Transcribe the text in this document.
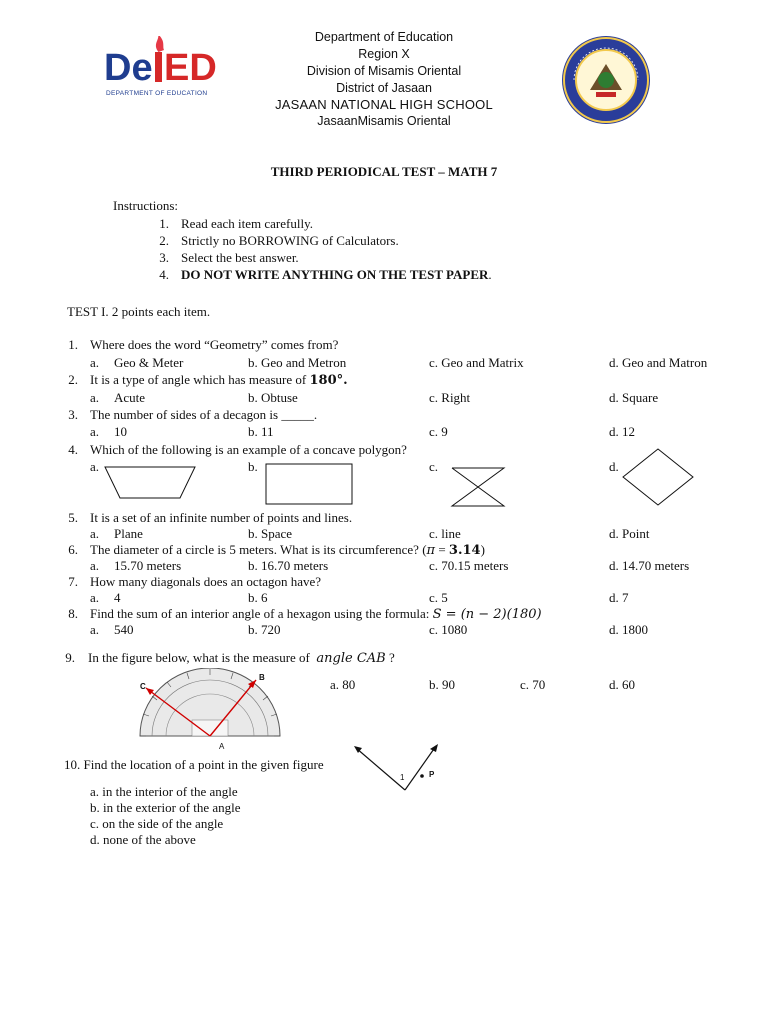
De ED
DEPARTMENT OF EDUCATION
Department of Education
Region X
Division of Misamis Oriental
District of Jasaan
JASAAN NATIONAL HIGH SCHOOL
JasaanMisamis Oriental
THIRD PERIODICAL TEST – MATH 7
Instructions:
1. Read each item carefully.
2. Strictly no BORROWING of Calculators.
3. Select the best answer.
4. DO NOT WRITE ANYTHING ON THE TEST PAPER.
TEST I. 2 points each item.
1. Where does the word “Geometry” comes from?
a. Geo & Meter	b. Geo and Metron	c. Geo and Matrix	d. Geo and Matron
2. It is a type of angle which has measure of 180°.
a. Acute	b. Obtuse	c. Right	d. Square
3. The number of sides of a decagon is _____.
a. 10	b. 11	c. 9	d. 12
4. Which of the following is an example of a concave polygon?
a.	b.	c.	d.
5. It is a set of an infinite number of points and lines.
a. Plane	b. Space	c. line	d. Point
6. The diameter of a circle is 5 meters. What is its circumference? (π = 3.14)
a. 15.70 meters	b. 16.70 meters	c. 70.15 meters	d. 14.70 meters
7. How many diagonals does an octagon have?
a. 4	b. 6	c. 5	d. 7
8. Find the sum of an interior angle of a hexagon using the formula: S = (n − 2)(180)
a. 540	b. 720	c. 1080	d. 1800
9. In the figure below, what is the measure of angle CAB ?
a. 80	b. 90	c. 70	d. 60
C
B
A
10. Find the location of a point in the given figure
1	P
a. in the interior of the angle
b. in the exterior of the angle
c. on the side of the angle
d. none of the above
